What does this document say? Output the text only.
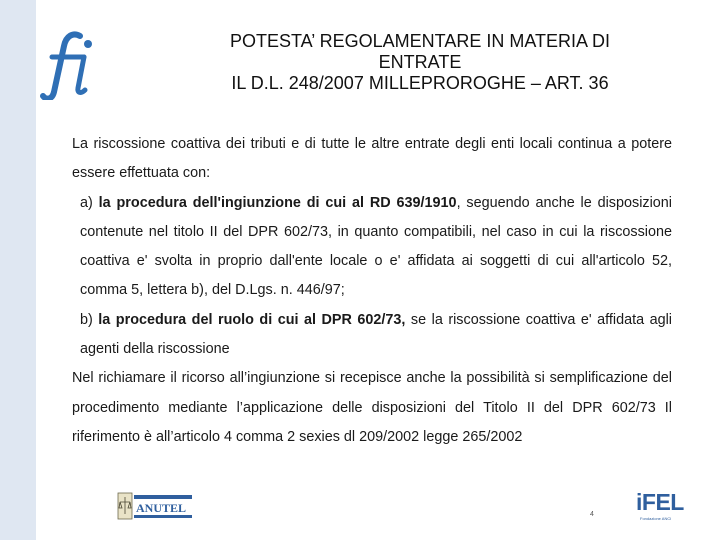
POTESTA’ REGOLAMENTARE IN MATERIA DI
ENTRATE
IL D.L. 248/2007 MILLEPROROGHE – ART. 36

La riscossione coattiva dei tributi e di tutte le altre entrate degli enti locali continua a potere essere effettuata con:

a) la procedura dell'ingiunzione di cui al RD 639/1910, seguendo anche le disposizioni contenute nel titolo II del DPR 602/73, in quanto compatibili, nel caso in cui la riscossione coattiva e' svolta in proprio dall'ente locale o e' affidata ai soggetti di cui all'articolo 52, comma 5, lettera b), del D.Lgs. n. 446/97;

b) la procedura del ruolo di cui al DPR 602/73, se la riscossione coattiva e' affidata agli agenti della riscossione

Nel richiamare il ricorso all’ingiunzione si recepisce anche la possibilità si semplificazione del procedimento mediante l’applicazione delle disposizioni del Titolo II del DPR 602/73 Il riferimento è all’articolo 4 comma 2 sexies dl 209/2002 legge 265/2002

ANUTEL	4 iFEL
Fondazione ANCI
